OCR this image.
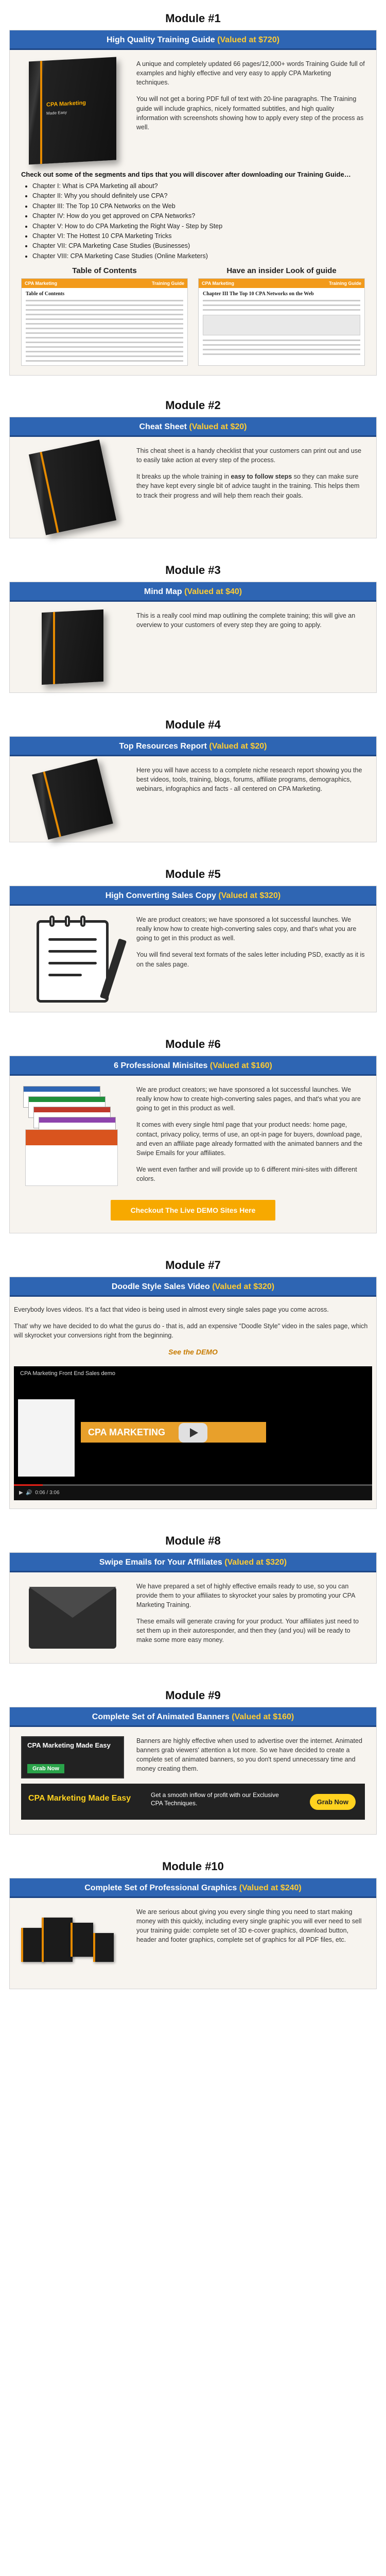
Module #1
High Quality Training Guide (Valued at $720)
CPA Marketing
Made Easy

A unique and completely updated 66 pages/12,000+ words Training Guide full of examples and highly effective and very easy to apply CPA Marketing techniques.

You will not get a boring PDF full of text with 20-line paragraphs. The Training guide will include graphics, nicely formatted subtitles, and high quality information with screenshots showing how to apply every step of the process as well.

Check out some of the segments and tips that you will discover after downloading our Training Guide…
• Chapter I: What is CPA Marketing all about?
• Chapter II: Why you should definitely use CPA?
• Chapter III: The Top 10 CPA Networks on the Web
• Chapter IV: How do you get approved on CPA Networks?
• Chapter V: How to do CPA Marketing the Right Way - Step by Step
• Chapter VI: The Hottest 10 CPA Marketing Tricks
• Chapter VII: CPA Marketing Case Studies (Businesses)
• Chapter VIII: CPA Marketing Case Studies (Online Marketers)
Table of Contents
CPA Marketing	Training Guide
Table of Contents
Have an insider Look of guide
CPA Marketing	Training Guide
Chapter III The Top 10 CPA Networks on the Web
Module #2
Cheat Sheet (Valued at $20)

This cheat sheet is a handy checklist that your customers can print out and use to easily take action at every step of the process.

It breaks up the whole training in easy to follow steps so they can make sure they have kept every single bit of advice taught in the training. This helps them to track their progress and will help them reach their goals.

Module #3
Mind Map (Valued at $40)

This is a really cool mind map outlining the complete training; this will give an overview to your customers of every step they are going to apply.

Module #4
Top Resources Report (Valued at $20)

Here you will have access to a complete niche research report showing you the best videos, tools, training, blogs, forums, affiliate programs, demographics, webinars, infographics and facts - all centered on CPA Marketing.

Module #5
High Converting Sales Copy (Valued at $320)

We are product creators; we have sponsored a lot successful launches. We really know how to create high-converting sales copy, and that's what you are going to get in this product as well.

You will find several text formats of the sales letter including PSD, exactly as it is on the sales page.

Module #6
6 Professional Minisites (Valued at $160)

We are product creators; we have sponsored a lot successful launches. We really know how to create high-converting sales pages, and that's what you are going to get in this product as well.

It comes with every single html page that your product needs: home page, contact, privacy policy, terms of use, an opt-in page for buyers, download page, and even an affiliate page already formatted with the animated banners and the Swipe Emails for your affiliates.

We went even farther and will provide up to 6 different mini-sites with different colors.

Checkout The Live DEMO Sites Here
Module #7
Doodle Style Sales Video (Valued at $320)

Everybody loves videos. It's a fact that video is being used in almost every single sales page you come across.

That' why we have decided to do what the gurus do - that is, add an expensive "Doodle Style" video in the sales page, which will skyrocket your conversions right from the beginning.

See the DEMO
CPA Marketing Front End Sales demo
CPA MARKETING
▶  🔊  0:06 / 3:06
Module #8
Swipe Emails for Your Affiliates (Valued at $320)

We have prepared a set of highly effective emails ready to use, so you can provide them to your affiliates to skyrocket your sales by promoting your CPA Marketing Training.

These emails will generate craving for your product. Your affiliates just need to set them up in their autoresponder, and then they (and you) will be ready to make some more easy money.

Module #9
Complete Set of Animated Banners (Valued at $160)
CPA Marketing Made Easy
Grab Now

Banners are highly effective when used to advertise over the internet. Animated banners grab viewers' attention a lot more. So we have decided to create a complete set of animated banners, so you don't spend unnecessary time and money creating them.

CPA Marketing Made Easy	Get a smooth inflow of profit with our Exclusive CPA Techniques.	Grab Now
Module #10
Complete Set of Professional Graphics (Valued at $240)

We are serious about giving you every single thing you need to start making money with this quickly, including every single graphic you will ever need to sell your training guide: complete set of 3D e-cover graphics, download button, header and footer graphics, complete set of graphics for all PDF files, etc.
